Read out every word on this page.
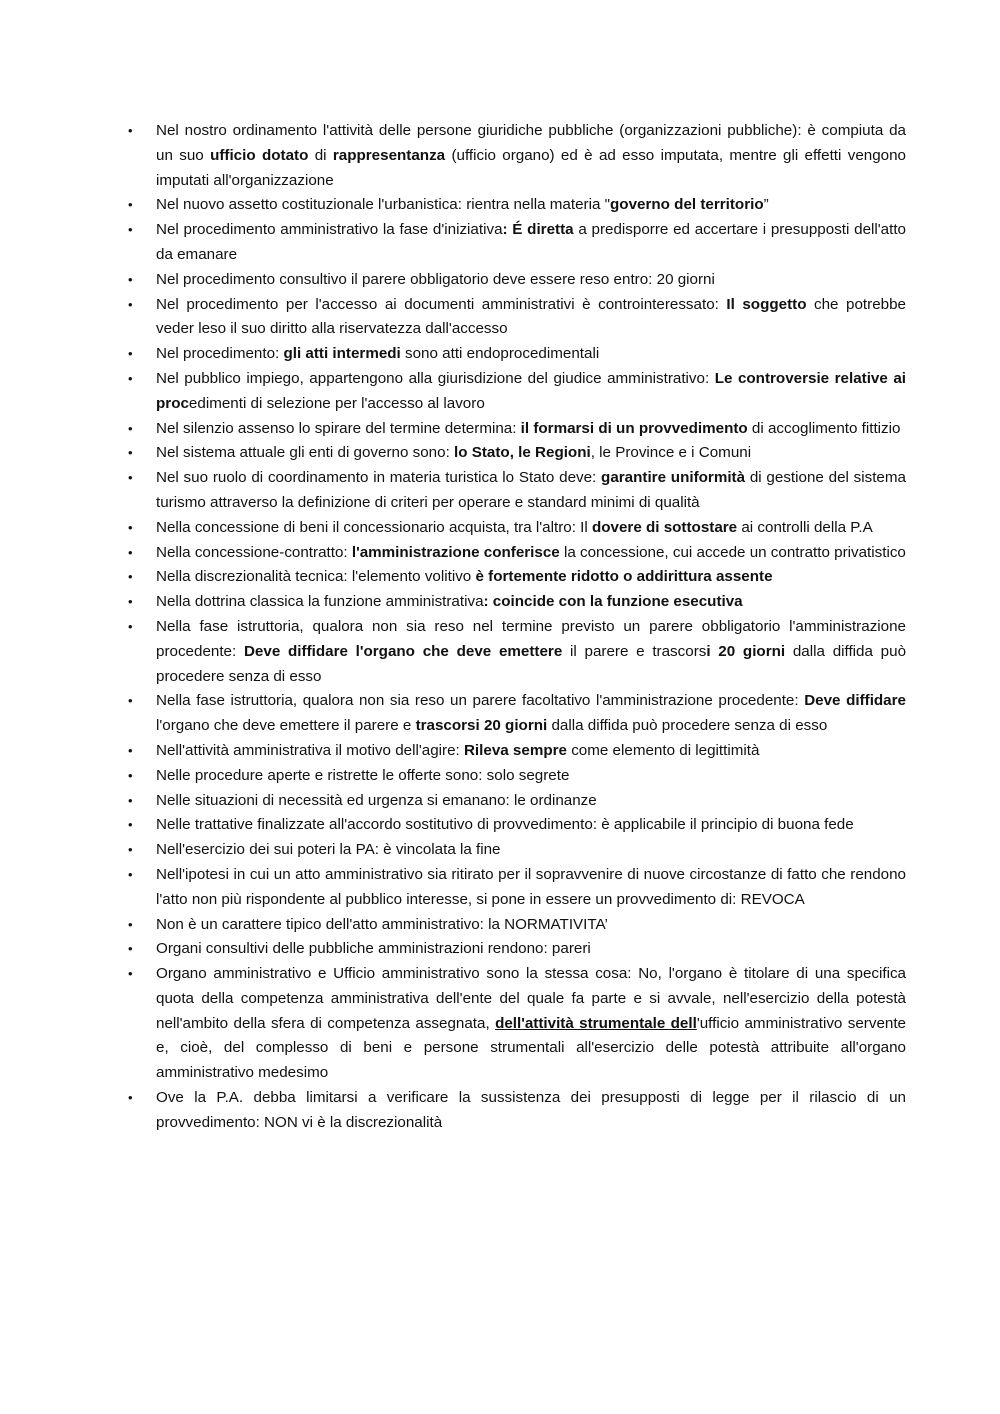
•	Nel nostro ordinamento l'attività delle persone giuridiche pubbliche (organizzazioni pubbliche): è compiuta da un suo ufficio dotato di rappresentanza (ufficio organo) ed è ad esso imputata, mentre gli effetti vengono imputati all'organizzazione
•	Nel nuovo assetto costituzionale l'urbanistica: rientra nella materia "governo del territorio”
•	Nel procedimento amministrativo la fase d'iniziativa: É diretta a predisporre ed accertare i presupposti dell'atto da emanare
•	Nel procedimento consultivo il parere obbligatorio deve essere reso entro: 20 giorni
•	Nel procedimento per l'accesso ai documenti amministrativi è controinteressato: Il soggetto che potrebbe veder leso il suo diritto alla riservatezza dall'accesso
•	Nel procedimento: gli atti intermedi sono atti endoprocedimentali
•	Nel pubblico impiego, appartengono alla giurisdizione del giudice amministrativo: Le controversie relative ai procedimenti di selezione per l'accesso al lavoro
•	Nel silenzio assenso lo spirare del termine determina: il formarsi di un provvedimento di accoglimento fittizio
•	Nel sistema attuale gli enti di governo sono: lo Stato, le Regioni, le Province e i Comuni
•	Nel suo ruolo di coordinamento in materia turistica lo Stato deve: garantire uniformità di gestione del sistema turismo attraverso la definizione di criteri per operare e standard minimi di qualità
•	Nella concessione di beni il concessionario acquista, tra l'altro: Il dovere di sottostare ai controlli della P.A
•	Nella concessione-contratto: l'amministrazione conferisce la concessione, cui accede un contratto privatistico
•	Nella discrezionalità tecnica: l'elemento volitivo è fortemente ridotto o addirittura assente
•	Nella dottrina classica la funzione amministrativa: coincide con la funzione esecutiva
•	Nella fase istruttoria, qualora non sia reso nel termine previsto un parere obbligatorio l'amministrazione procedente: Deve diffidare l'organo che deve emettere il parere e trascorsi 20 giorni dalla diffida può procedere senza di esso
•	Nella fase istruttoria, qualora non sia reso un parere facoltativo l'amministrazione procedente: Deve diffidare l'organo che deve emettere il parere e trascorsi 20 giorni dalla diffida può procedere senza di esso
•	Nell'attività amministrativa il motivo dell'agire: Rileva sempre come elemento di legittimità
•	Nelle procedure aperte e ristrette le offerte sono: solo segrete
•	Nelle situazioni di necessità ed urgenza si emanano: le ordinanze
•	Nelle trattative finalizzate all'accordo sostitutivo di provvedimento: è applicabile il principio di buona fede
•	Nell'esercizio dei sui poteri la PA: è vincolata la fine
•	Nell'ipotesi in cui un atto amministrativo sia ritirato per il sopravvenire di nuove circostanze di fatto che rendono l'atto non più rispondente al pubblico interesse, si pone in essere un provvedimento di: REVOCA
•	Non è un carattere tipico dell'atto amministrativo: la NORMATIVITA’
•	Organi consultivi delle pubbliche amministrazioni rendono: pareri
•	Organo amministrativo e Ufficio amministrativo sono la stessa cosa: No, l'organo è titolare di una specifica quota della competenza amministrativa dell'ente del quale fa parte e si avvale, nell'esercizio della potestà nell'ambito della sfera di competenza assegnata, dell'attività strumentale dell'ufficio amministrativo servente e, cioè, del complesso di beni e persone strumentali all'esercizio delle potestà attribuite all'organo amministrativo medesimo
•	Ove la P.A. debba limitarsi a verificare la sussistenza dei presupposti di legge per il rilascio di un provvedimento: NON vi è la discrezionalità
